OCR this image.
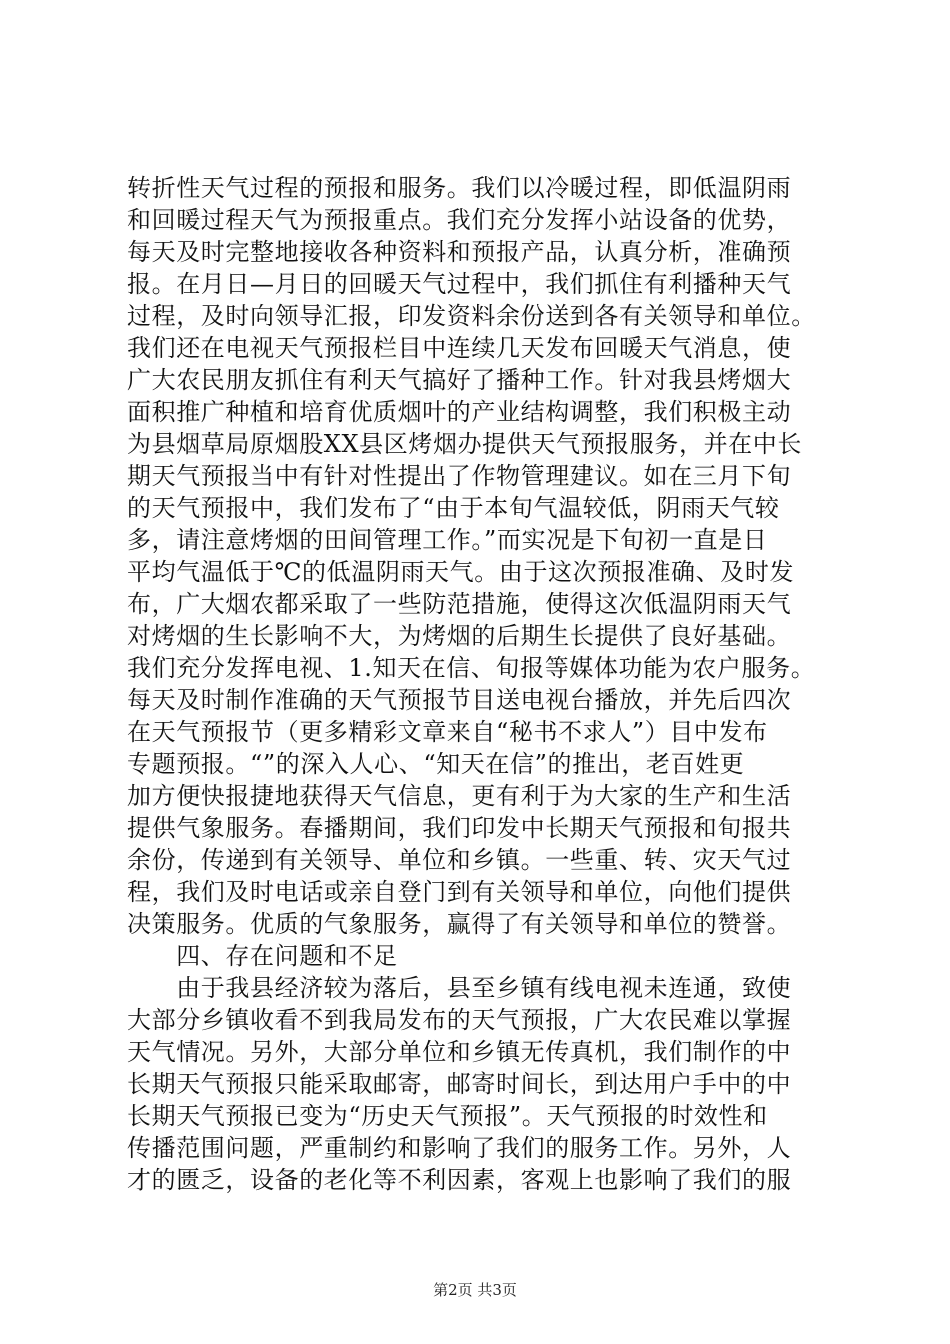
转折性天气过程的预报和服务。我们以冷暖过程，即低温阴雨
和回暖过程天气为预报重点。我们充分发挥小站设备的优势，
每天及时完整地接收各种资料和预报产品，认真分析，准确预
报。在月日—月日的回暖天气过程中，我们抓住有利播种天气
过程，及时向领导汇报，印发资料余份送到各有关领导和单位。
我们还在电视天气预报栏目中连续几天发布回暖天气消息，使
广大农民朋友抓住有利天气搞好了播种工作。针对我县烤烟大
面积推广种植和培育优质烟叶的产业结构调整，我们积极主动
为县烟草局原烟股XX县区烤烟办提供天气预报服务，并在中长
期天气预报当中有针对性提出了作物管理建议。如在三月下旬
的天气预报中，我们发布了“由于本旬气温较低，阴雨天气较
多，请注意烤烟的田间管理工作。”而实况是下旬初一直是日
平均气温低于℃的低温阴雨天气。由于这次预报准确、及时发
布，广大烟农都采取了一些防范措施，使得这次低温阴雨天气
对烤烟的生长影响不大，为烤烟的后期生长提供了良好基础。
我们充分发挥电视、1.知天在信、旬报等媒体功能为农户服务。
每天及时制作准确的天气预报节目送电视台播放，并先后四次
在天气预报节（更多精彩文章来自“秘书不求人”）目中发布
专题预报。“”的深入人心、“知天在信”的推出，老百姓更
加方便快报捷地获得天气信息，更有利于为大家的生产和生活
提供气象服务。春播期间，我们印发中长期天气预报和旬报共
余份，传递到有关领导、单位和乡镇。一些重、转、灾天气过
程，我们及时电话或亲自登门到有关领导和单位，向他们提供
决策服务。优质的气象服务，赢得了有关领导和单位的赞誉。
　　四、存在问题和不足
　　由于我县经济较为落后，县至乡镇有线电视未连通，致使
大部分乡镇收看不到我局发布的天气预报，广大农民难以掌握
天气情况。另外，大部分单位和乡镇无传真机，我们制作的中
长期天气预报只能采取邮寄，邮寄时间长，到达用户手中的中
长期天气预报已变为“历史天气预报”。天气预报的时效性和
传播范围问题，严重制约和影响了我们的服务工作。另外，人
才的匮乏，设备的老化等不利因素，客观上也影响了我们的服
第2页 共3页
